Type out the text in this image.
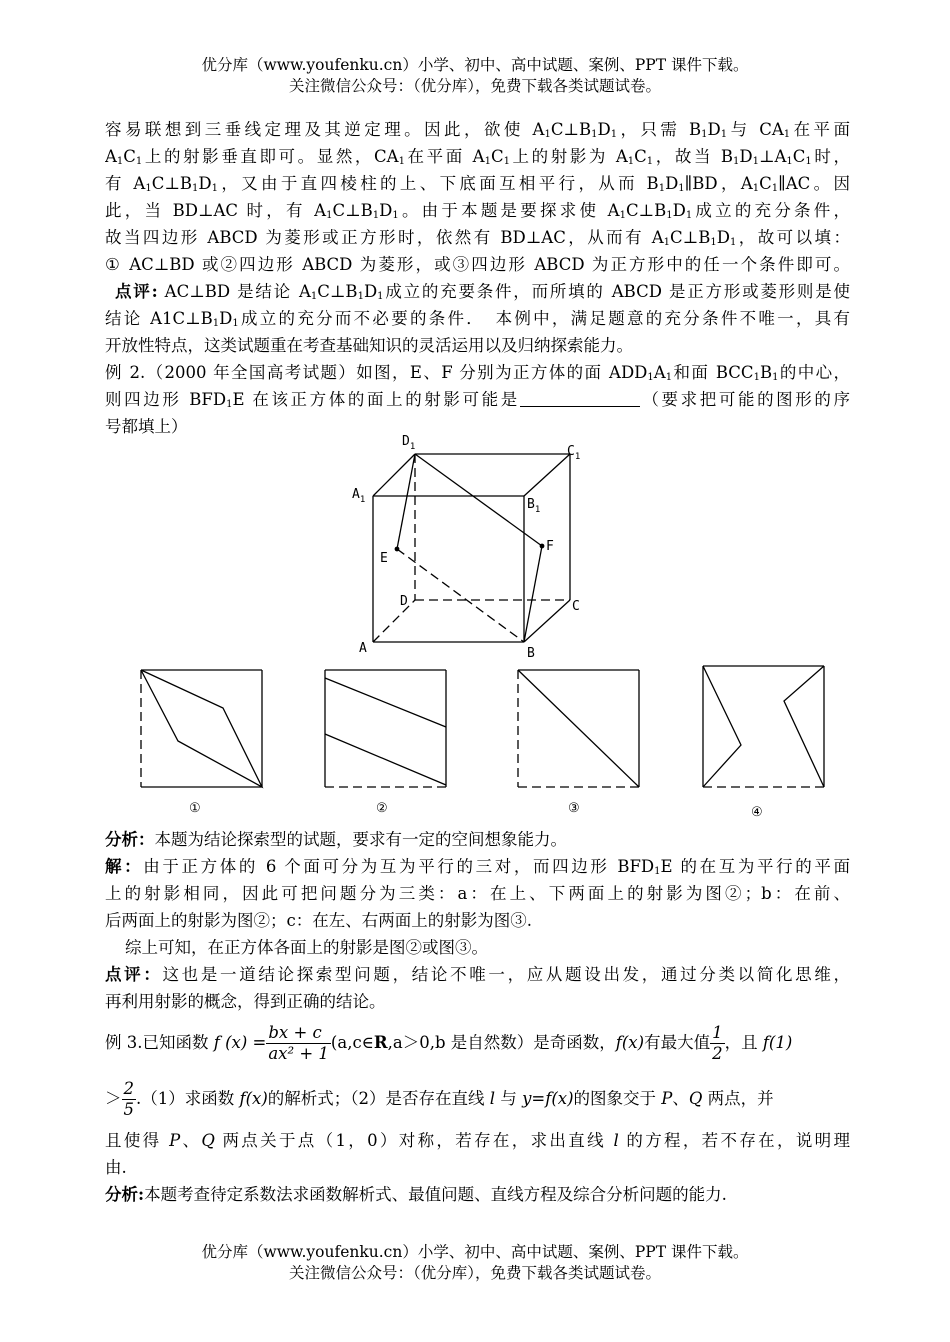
优分库（www.youfenku.cn）小学、初中、高中试题、案例、PPT 课件下载。
关注微信公众号：（优分库），免费下载各类试题试卷。
容易联想到三垂线定理及其逆定理。因此，欲使 $A_1C\perp B_1D_1$，只需 $B_1D_1$与 $CA_1$在平面
$A_1C_1$上的射影垂直即可。显然，$CA_1$在平面 $A_1C_1$上的射影为 $A_1C_1$，故当 $B_1D_1\perp A_1C_1$时，
有 $A_1C\perp B_1D_1$，又由于直四棱柱的上、下底面互相平行，从而 $B_1D_1\parallel BD$，$A_1C_1\parallel AC$。因
此，当 BD⊥AC 时，有 $A_1C\perp B_1D_1$。由于本题是要探求使 $A_1C\perp B_1D_1$成立的充分条件，
故当四边形 ABCD 为菱形或正方形时，依然有 BD⊥AC，从而有 $A_1C\perp B_1D_1$，故可以填：
① AC⊥BD 或②四边形 ABCD 为菱形，或③四边形 ABCD 为正方形中的任一个条件即可。
点评: AC⊥BD 是结论 $A_1C\perp B_1D_1$成立的充要条件，而所填的 ABCD 是正方形或菱形则是使
结论 $A1C\perp B_1D_1$成立的充分而不必要的条件．　本例中，满足题意的充分条件不唯一，具有
开放性特点，这类试题重在考查基础知识的灵活运用以及归纳探索能力。
例 2.（2000 年全国高考试题）如图，E、F 分别为正方体的面 $ADD_1A_1$和面 $BCC_1B_1$的中心，
则四边形 $BFD_1E$ 在该正方体的面上的射影可能是	（要求把可能的图形的序
号都填上）
$D_1$	$C_1$
$A_1$	$B_1$
E
F
D	C
A	B
①	②	③	④
分析：本题为结论探索型的试题，要求有一定的空间想象能力。
解：由于正方体的 6 个面可分为互为平行的三对，而四边形 $BFD_1E$ 的在互为平行的平面
上的射影相同，因此可把问题分为三类：a：在上、下两面上的射影为图②；b：在前、
后两面上的射影为图②；c：在左、右两面上的射影为图③.
综上可知，在正方体各面上的射影是图②或图③。
点评：这也是一道结论探索型问题，结论不唯一，应从题设出发，通过分类以简化思维，
再利用射影的概念，得到正确的结论。
例 3.已知函数 f $(x) = \frac{bx + c}{\text{ax² + 1}}$ (a,c∈R,a＞0,b 是自然数）是奇函数，f(x)有最大值 $\frac{1}{2}$ ，且 f(1)
＞ $\frac{2}{5} .(1)$求函数 f(x)的解析式；（2）是否存在直线 l 与 y=f(x)的图象交于 P、Q 两点，并
且使得 P、Q 两点关于点（1，0）对称，若存在，求出直线 l 的方程，若不存在，说明理
由.
分析:本题考查待定系数法求函数解析式、最值问题、直线方程及综合分析问题的能力.
优分库（www.youfenku.cn）小学、初中、高中试题、案例、PPT 课件下载。
关注微信公众号：（优分库），免费下载各类试题试卷。
